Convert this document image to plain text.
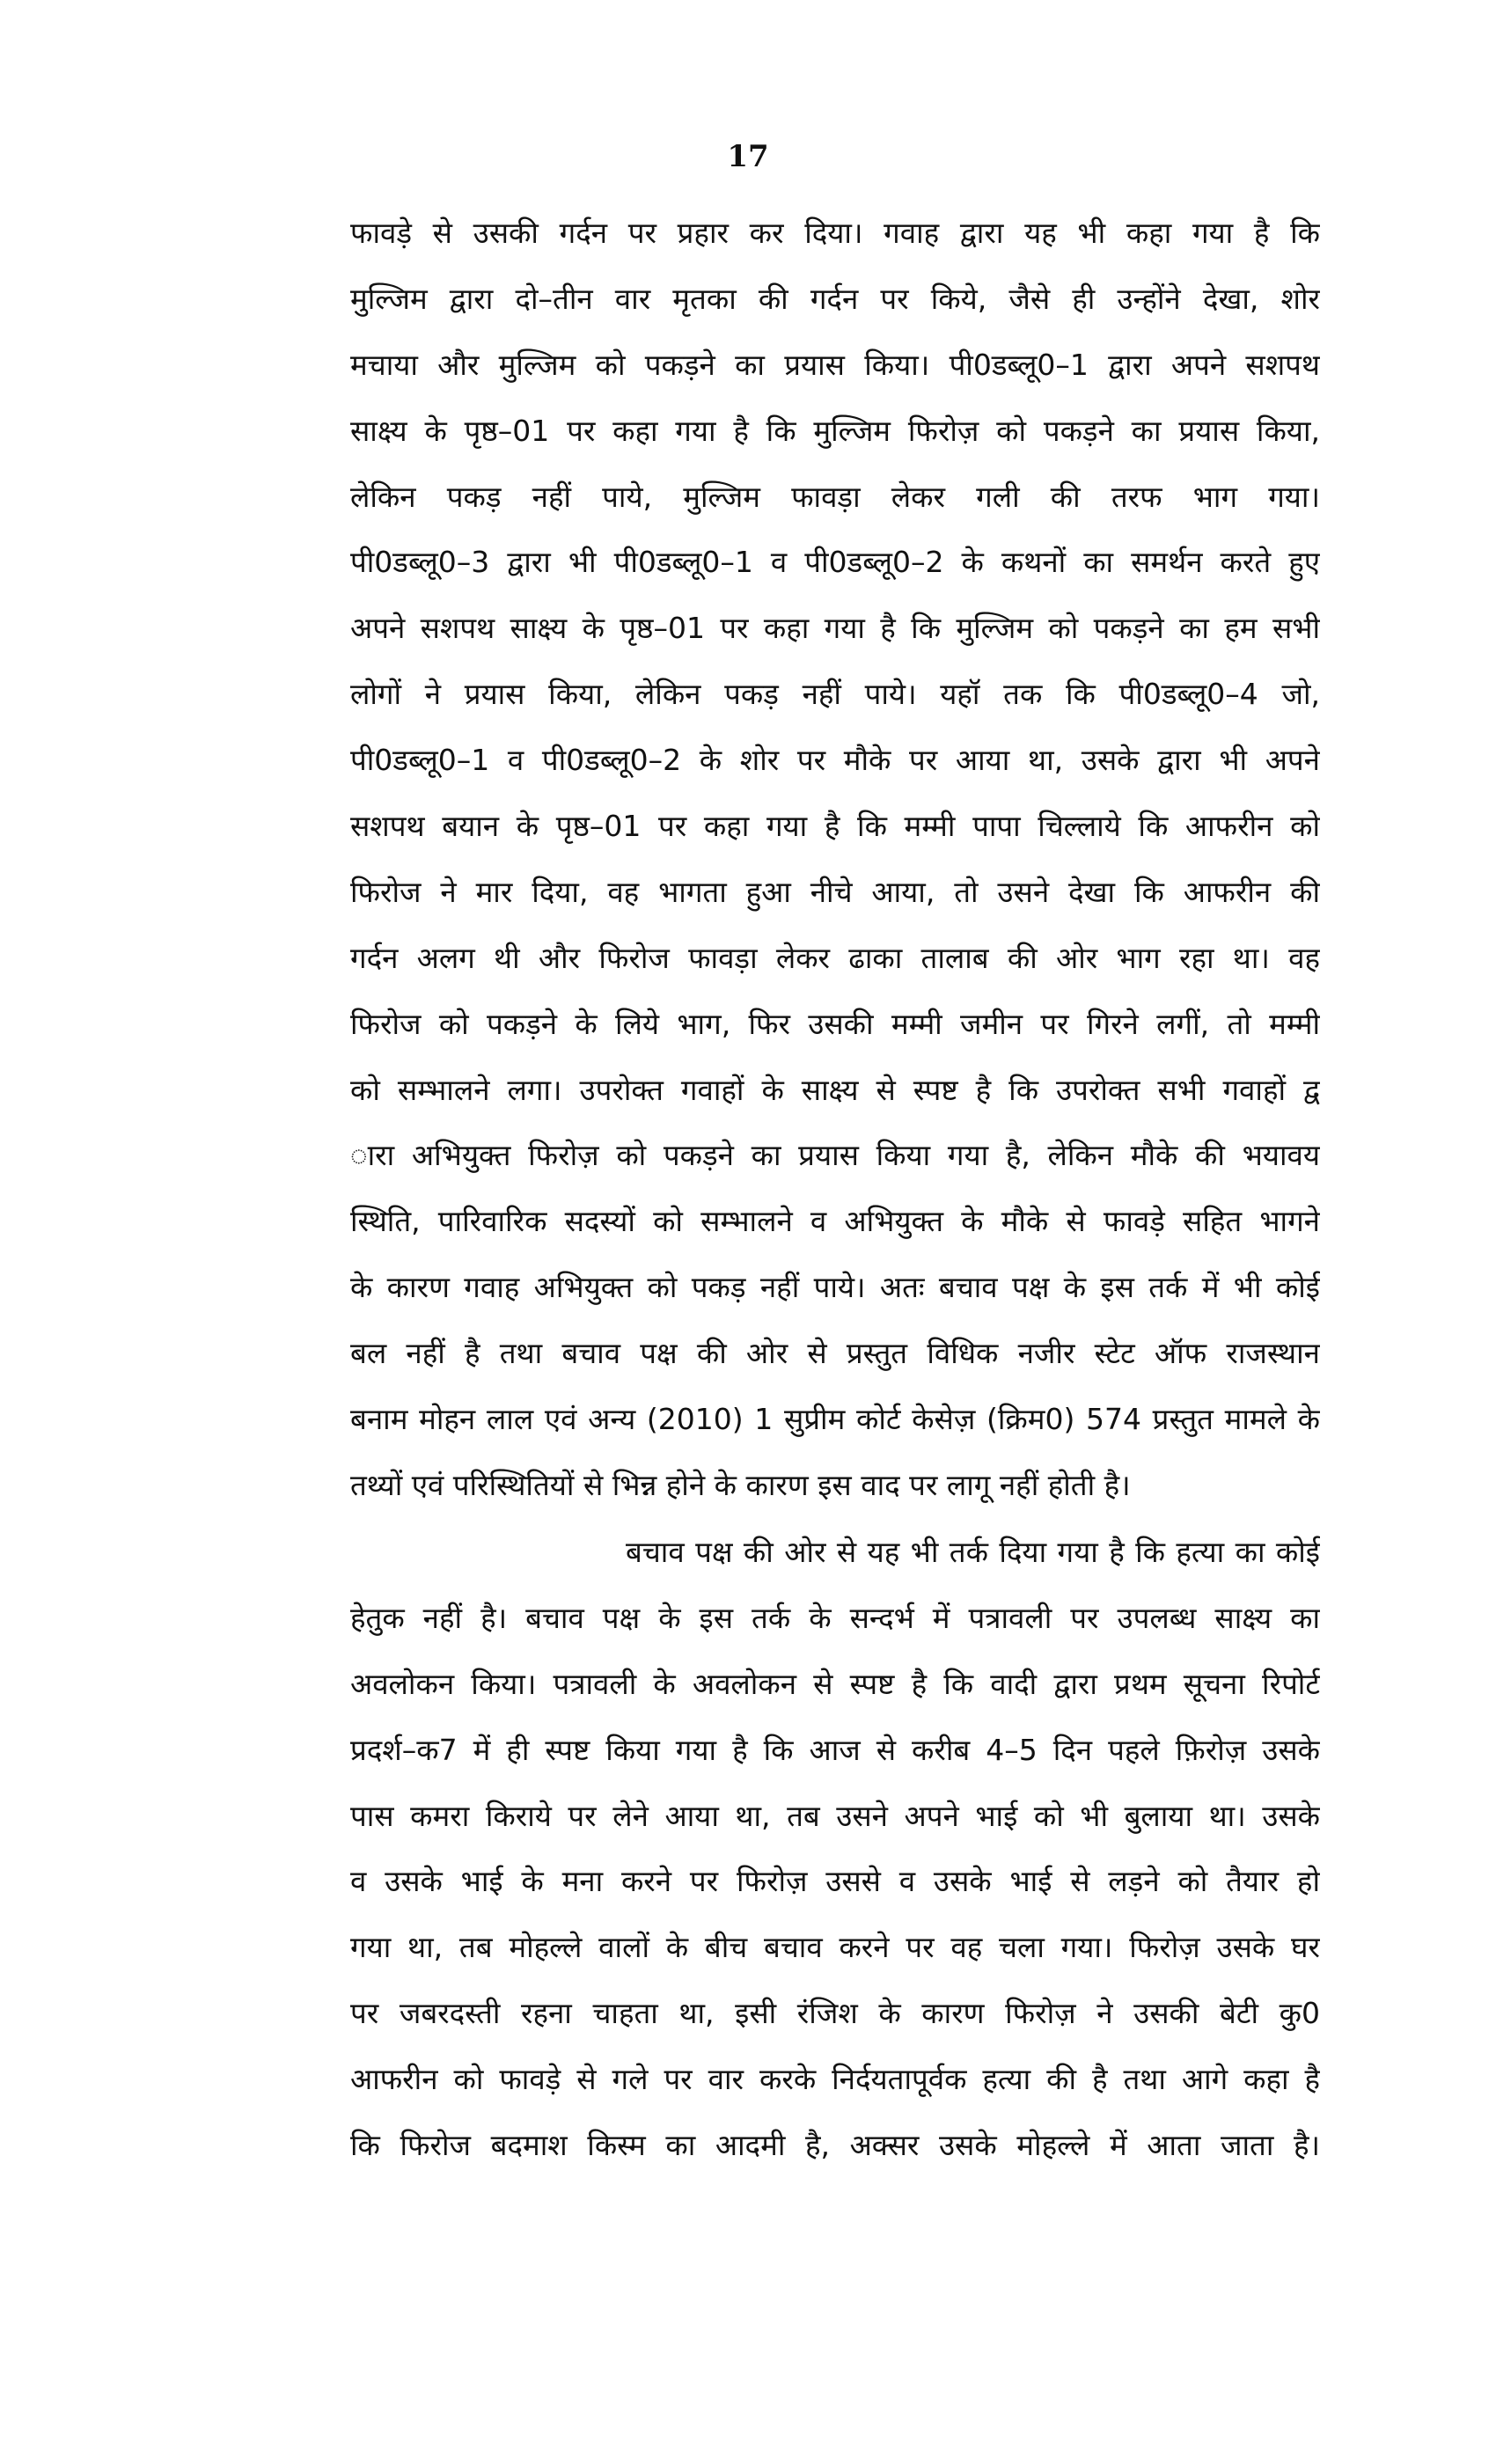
17
फावड़े से उसकी गर्दन पर प्रहार कर दिया। गवाह द्वारा यह भी कहा गया है कि
मुल्जिम द्वारा दो–तीन वार मृतका की गर्दन पर किये, जैसे ही उन्होंने देखा, शोर
मचाया और मुल्जिम को पकड़ने का प्रयास किया। पी0डब्लू0–1 द्वारा अपने सशपथ
साक्ष्य के पृष्ठ–01 पर कहा गया है कि मुल्जिम फिरोज़ को पकड़ने का प्रयास किया,
लेकिन पकड़ नहीं पाये, मुल्जिम फावड़ा लेकर गली की तरफ भाग गया।
पी0डब्लू0–3 द्वारा भी पी0डब्लू0–1 व पी0डब्लू0–2 के कथनों का समर्थन करते हुए
अपने सशपथ साक्ष्य के पृष्ठ–01 पर कहा गया है कि मुल्जिम को पकड़ने का हम सभी
लोगों ने प्रयास किया, लेकिन पकड़ नहीं पाये। यहॉ तक कि पी0डब्लू0–4 जो,
पी0डब्लू0–1 व पी0डब्लू0–2 के शोर पर मौके पर आया था, उसके द्वारा भी अपने
सशपथ बयान के पृष्ठ–01 पर कहा गया है कि मम्मी पापा चिल्लाये कि आफरीन को
फिरोज ने मार दिया, वह भागता हुआ नीचे आया, तो उसने देखा कि आफरीन की
गर्दन अलग थी और फिरोज फावड़ा लेकर ढाका तालाब की ओर भाग रहा था। वह
फिरोज को पकड़ने के लिये भाग, फिर उसकी मम्मी जमीन पर गिरने लगीं, तो मम्मी
को सम्भालने लगा। उपरोक्त गवाहों के साक्ष्य से स्पष्ट है कि उपरोक्त सभी गवाहों द्व
ारा अभियुक्त फिरोज़ को पकड़ने का प्रयास किया गया है, लेकिन मौके की भयावय
स्थिति, पारिवारिक सदस्यों को सम्भालने व अभियुक्त के मौके से फावड़े सहित भागने
के कारण गवाह अभियुक्त को पकड़ नहीं पाये। अतः बचाव पक्ष के इस तर्क में भी कोई
बल नहीं है तथा बचाव पक्ष की ओर से प्रस्तुत विधिक नजीर स्टेट ऑफ राजस्थान
बनाम मोहन लाल एवं अन्य (2010) 1 सुप्रीम कोर्ट केसेज़ (क्रिम0) 574 प्रस्तुत मामले के
तथ्यों एवं परिस्थितियों से भिन्न होने के कारण इस वाद पर लागू नहीं होती है।
बचाव पक्ष की ओर से यह भी तर्क दिया गया है कि हत्या का कोई
हेतुक नहीं है। बचाव पक्ष के इस तर्क के सन्दर्भ में पत्रावली पर उपलब्ध साक्ष्य का
अवलोकन किया। पत्रावली के अवलोकन से स्पष्ट है कि वादी द्वारा प्रथम सूचना रिपोर्ट
प्रदर्श–क7 में ही स्पष्ट किया गया है कि आज से करीब 4–5 दिन पहले फ़िरोज़ उसके
पास कमरा किराये पर लेने आया था, तब उसने अपने भाई को भी बुलाया था। उसके
व उसके भाई के मना करने पर फिरोज़ उससे व उसके भाई से लड़ने को तैयार हो
गया था, तब मोहल्ले वालों के बीच बचाव करने पर वह चला गया। फिरोज़ उसके घर
पर जबरदस्ती रहना चाहता था, इसी रंजिश के कारण फिरोज़ ने उसकी बेटी कु0
आफरीन को फावड़े से गले पर वार करके निर्दयतापूर्वक हत्या की है तथा आगे कहा है
कि फिरोज बदमाश किस्म का आदमी है, अक्सर उसके मोहल्ले में आता जाता है।
